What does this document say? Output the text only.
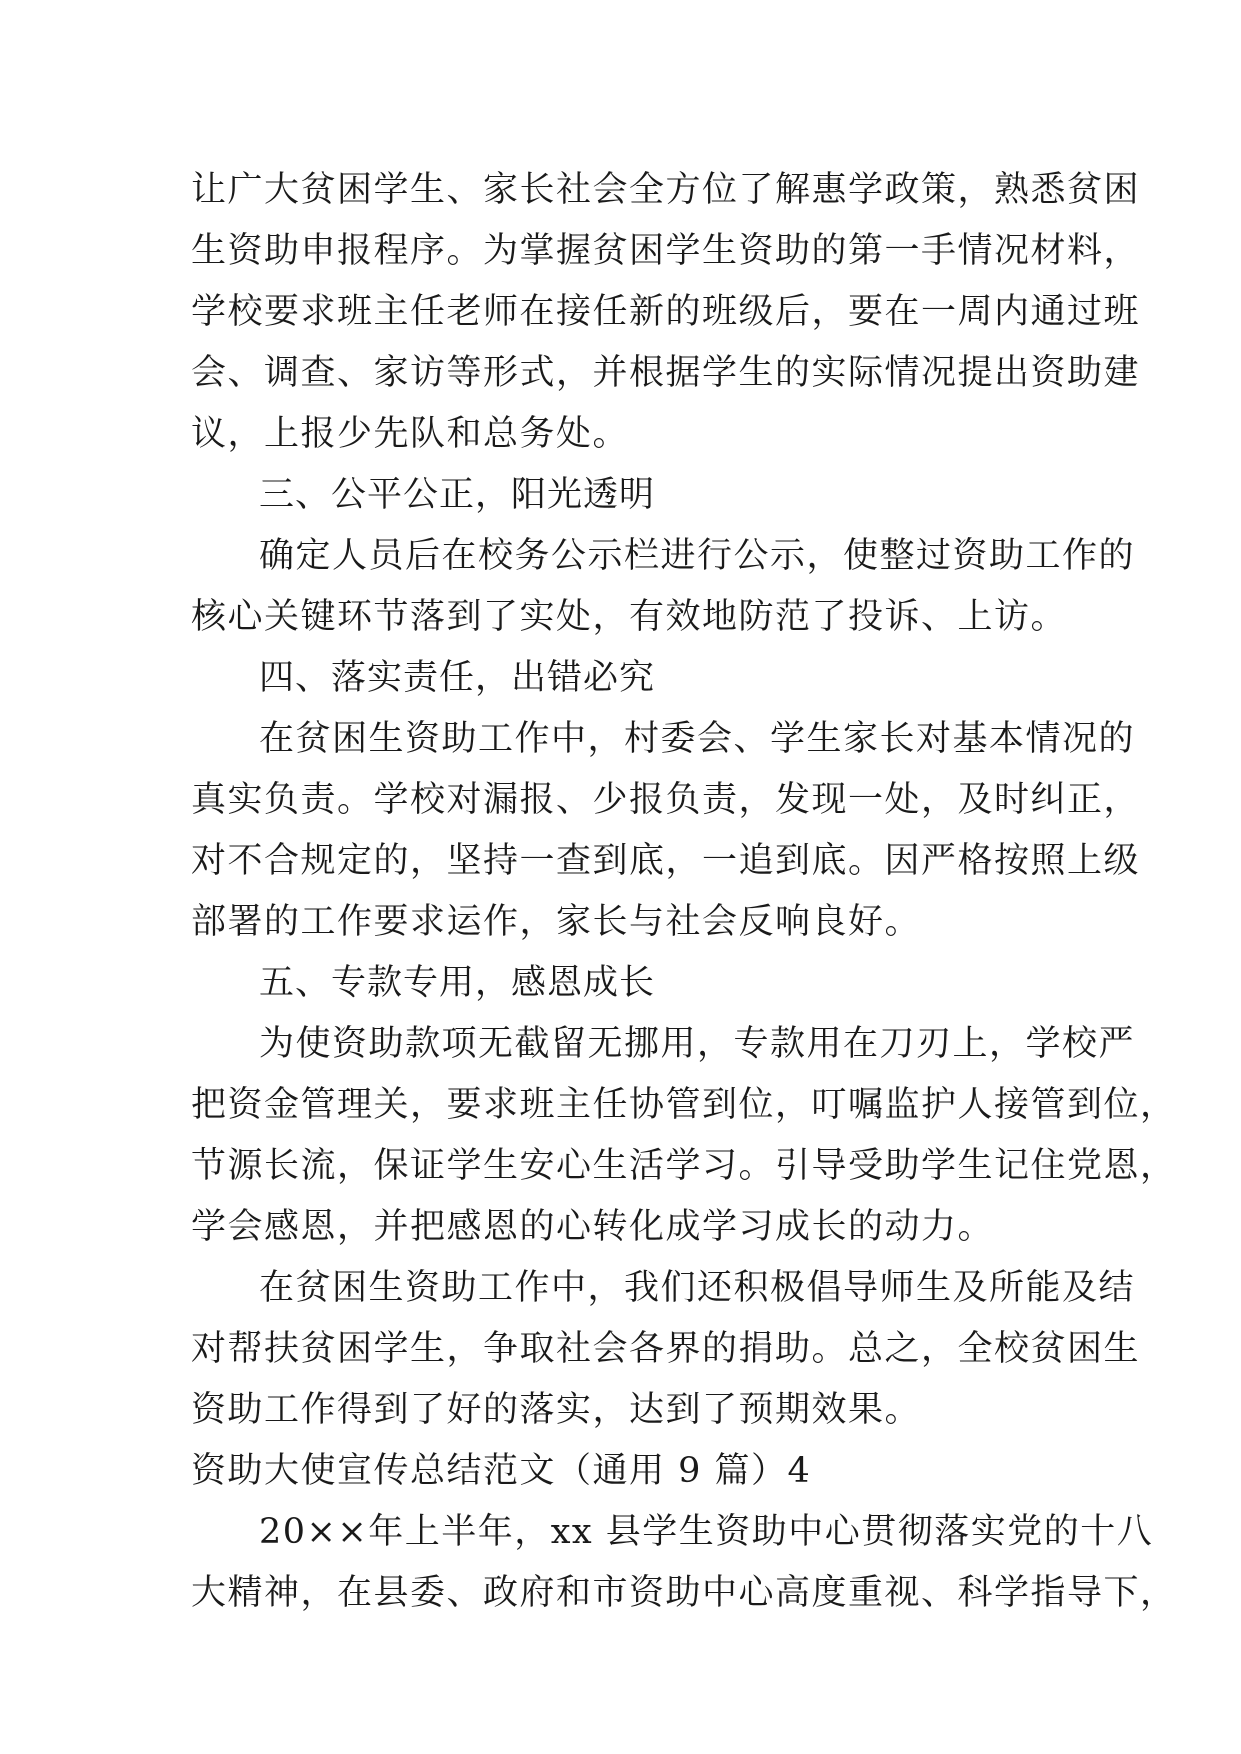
让广大贫困学生、家长社会全方位了解惠学政策，熟悉贫困
生资助申报程序。为掌握贫困学生资助的第一手情况材料，
学校要求班主任老师在接任新的班级后，要在一周内通过班
会、调查、家访等形式，并根据学生的实际情况提出资助建
议，上报少先队和总务处。
三、公平公正，阳光透明
确定人员后在校务公示栏进行公示，使整过资助工作的
核心关键环节落到了实处，有效地防范了投诉、上访。
四、落实责任，出错必究
在贫困生资助工作中，村委会、学生家长对基本情况的
真实负责。学校对漏报、少报负责，发现一处，及时纠正，
对不合规定的，坚持一查到底，一追到底。因严格按照上级
部署的工作要求运作，家长与社会反响良好。
五、专款专用，感恩成长
为使资助款项无截留无挪用，专款用在刀刃上，学校严
把资金管理关，要求班主任协管到位，叮嘱监护人接管到位，
节源长流，保证学生安心生活学习。引导受助学生记住党恩，
学会感恩，并把感恩的心转化成学习成长的动力。
在贫困生资助工作中，我们还积极倡导师生及所能及结
对帮扶贫困学生，争取社会各界的捐助。总之，全校贫困生
资助工作得到了好的落实，达到了预期效果。
资助大使宣传总结范文（通用 9 篇）4
20××年上半年，xx 县学生资助中心贯彻落实党的十八
大精神，在县委、政府和市资助中心高度重视、科学指导下，
